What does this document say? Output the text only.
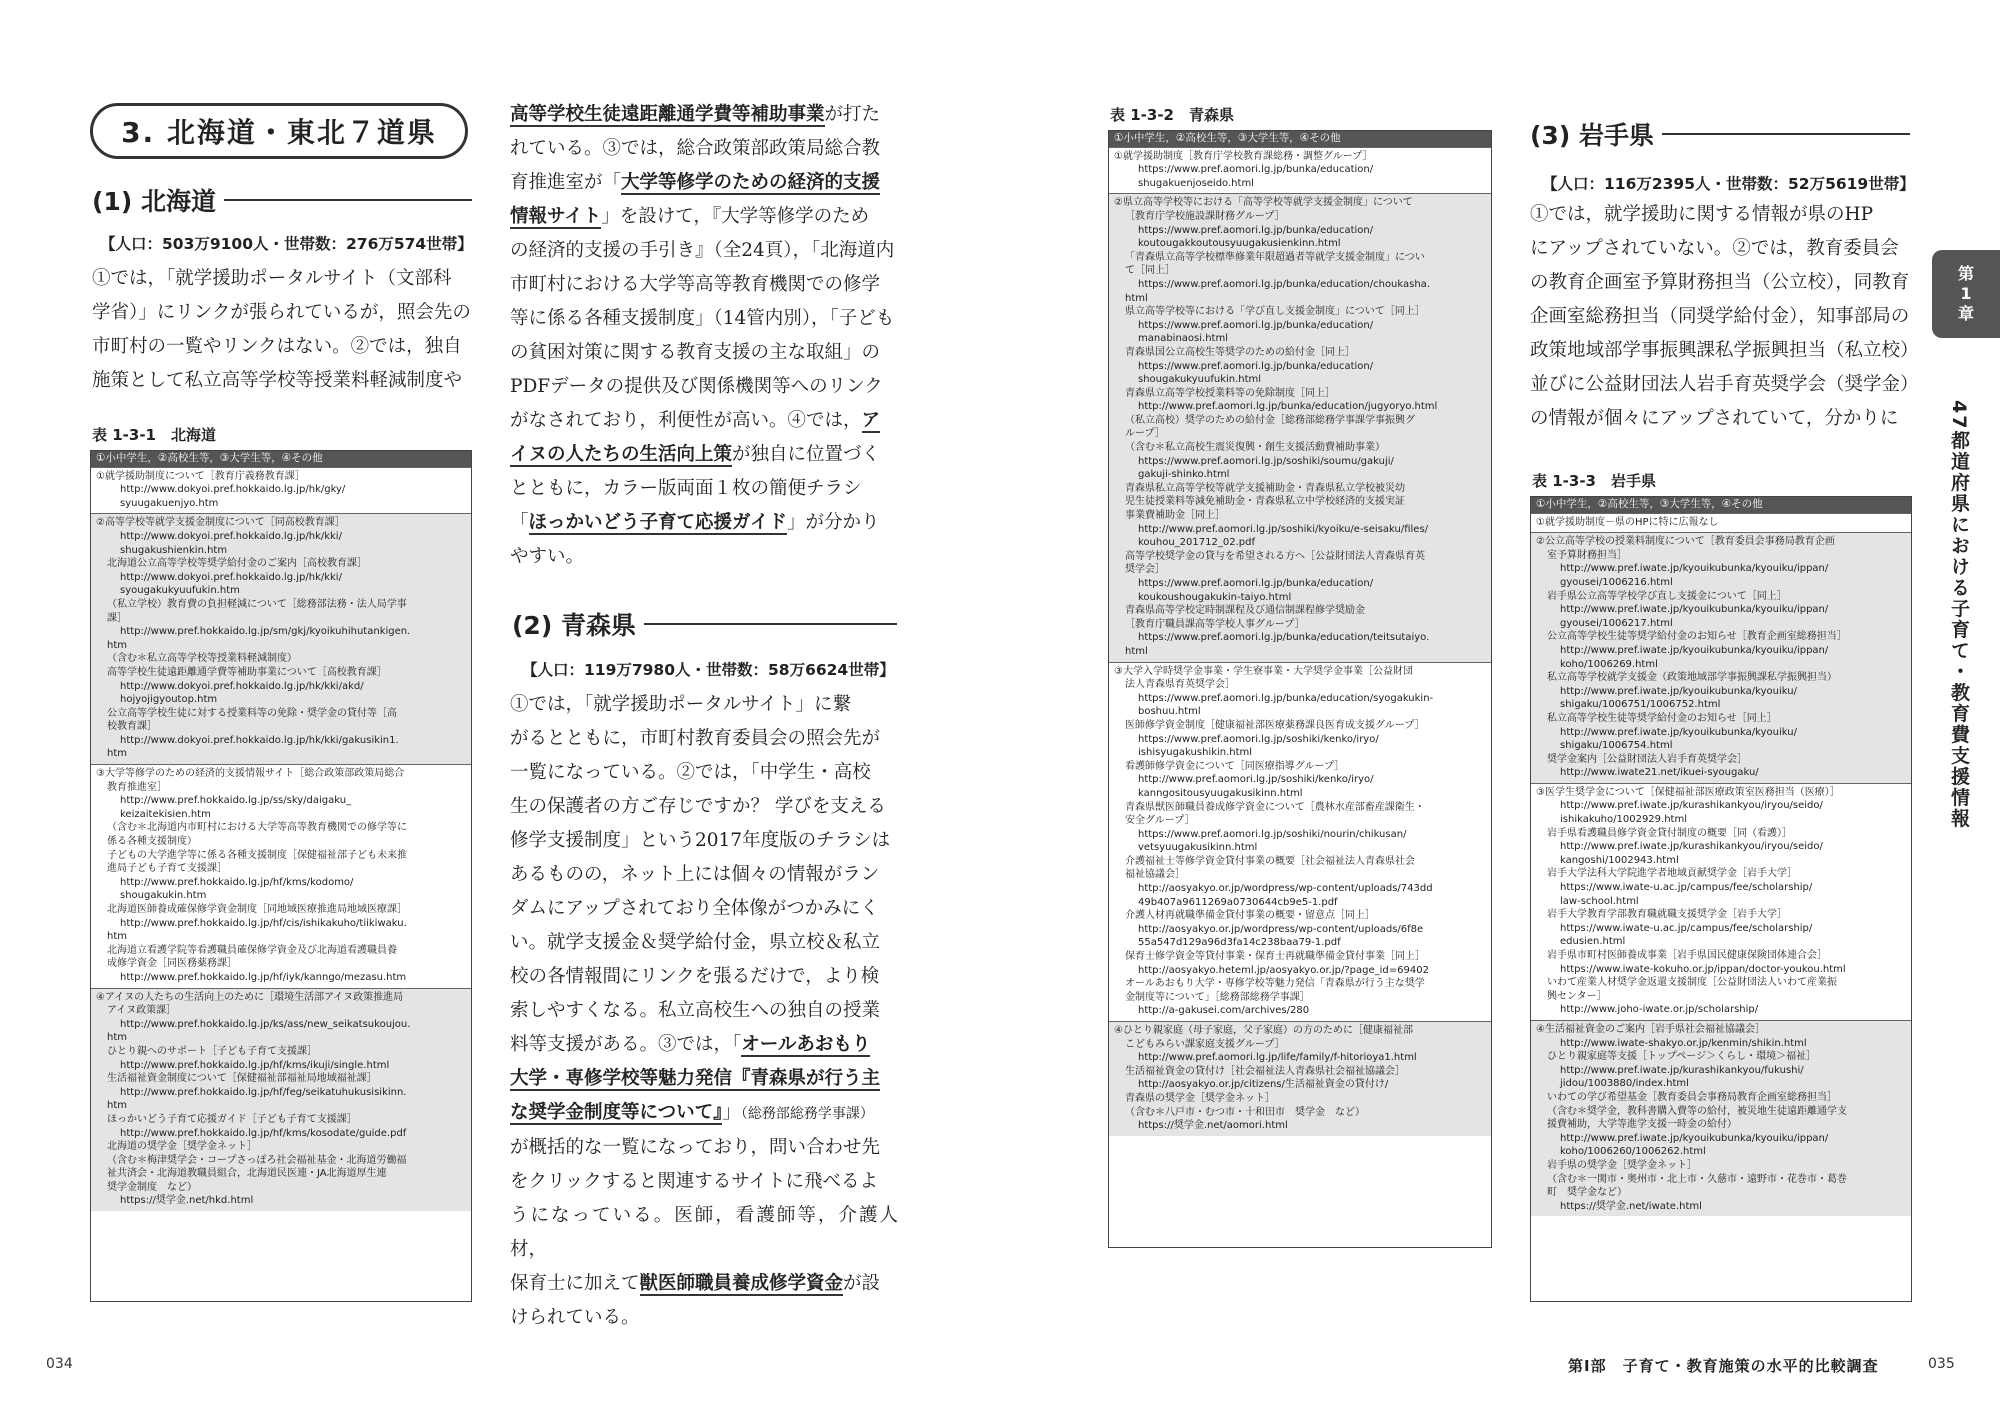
3. 北海道・東北７道県
(1) 北海道
【人口：503万9100人・世帯数：276万574世帯】

①では，「就学援助ポータルサイト（文部科

学省）」にリンクが張られているが，照会先の

市町村の一覧やリンクはない。②では，独自

施策として私立高等学校等授業料軽減制度や

表 1-3-1　北海道
①小中学生，②高校生等，③大学生等，④その他
①就学援助制度について［教育庁義務教育課］
http://www.dokyoi.pref.hokkaido.lg.jp/hk/gky/
syuugakuenjyo.htm
②高等学校等就学支援金制度について［同高校教育課］
http://www.dokyoi.pref.hokkaido.lg.jp/hk/kki/
shugakushienkin.htm
北海道公立高等学校等奨学給付金のご案内［高校教育課］
http://www.dokyoi.pref.hokkaido.lg.jp/hk/kki/
syougakukyuufukin.htm
（私立学校）教育費の負担軽減について［総務部法務・法人局学事
課］
http://www.pref.hokkaido.lg.jp/sm/gkj/kyoikuhihutankigen.
htm
（含む＊私立高等学校等授業料軽減制度）
高等学校生徒遠距離通学費等補助事業について［高校教育課］
http://www.dokyoi.pref.hokkaido.lg.jp/hk/kki/akd/
hojyojigyoutop.htm
公立高等学校生徒に対する授業料等の免除・奨学金の貸付等［高
校教育課］
http://www.dokyoi.pref.hokkaido.lg.jp/hk/kki/gakusikin1.
htm
③大学等修学のための経済的支援情報サイト［総合政策部政策局総合
教育推進室］
http://www.pref.hokkaido.lg.jp/ss/sky/daigaku_
keizaitekisien.htm
（含む＊北海道内市町村における大学等高等教育機関での修学等に
係る各種支援制度）
子どもの大学進学等に係る各種支援制度［保健福祉部子ども未来推
進局子ども子育て支援課］
http://www.pref.hokkaido.lg.jp/hf/kms/kodomo/
shougakukin.htm
北海道医師養成確保修学資金制度［同地域医療推進局地域医療課］
http://www.pref.hokkaido.lg.jp/hf/cis/ishikakuho/tiikiwaku.
htm
北海道立看護学院等看護職員確保修学資金及び北海道看護職員養
成修学資金［同医務薬務課］
http://www.pref.hokkaido.lg.jp/hf/iyk/kanngo/mezasu.htm
④アイヌの人たちの生活向上のために［環境生活部アイヌ政策推進局
アイヌ政策課］
http://www.pref.hokkaido.lg.jp/ks/ass/new_seikatsukoujou.
htm
ひとり親へのサポート［子ども子育て支援課］
http://www.pref.hokkaido.lg.jp/hf/kms/ikuji/single.html
生活福祉資金制度について［保健福祉部福祉局地域福祉課］
http://www.pref.hokkaido.lg.jp/hf/feg/seikatuhukusisikinn.
htm
ほっかいどう子育て応援ガイド［子ども子育て支援課］
http://www.pref.hokkaido.lg.jp/hf/kms/kosodate/guide.pdf
北海道の奨学金［奨学金ネット］
（含む＊梅津奨学会・コープさっぽろ社会福祉基金・北海道労働福
祉共済会・北海道教職員組合，北海道民医連・JA北海道厚生連
奨学金制度　など）
https://奨学金.net/hkd.html

高等学校生徒遠距離通学費等補助事業が打た

れている。③では，総合政策部政策局総合教

育推進室が「大学等修学のための経済的支援

情報サイト」を設けて，『大学等修学のため

の経済的支援の手引き』（全24頁），「北海道内

市町村における大学等高等教育機関での修学

等に係る各種支援制度」（14管内別），「子ども

の貧困対策に関する教育支援の主な取組」の

PDFデータの提供及び関係機関等へのリンク

がなされており，利便性が高い。④では，ア

イヌの人たちの生活向上策が独自に位置づく

とともに，カラー版両面１枚の簡便チラシ

「ほっかいどう子育て応援ガイド」が分かり

やすい。

(2) 青森県
【人口：119万7980人・世帯数：58万6624世帯】

①では，「就学援助ポータルサイト」に繋

がるとともに，市町村教育委員会の照会先が

一覧になっている。②では，「中学生・高校

生の保護者の方ご存じですか？ 学びを支える

修学支援制度」という2017年度版のチラシは

あるものの，ネット上には個々の情報がラン

ダムにアップされており全体像がつかみにく

い。就学支援金＆奨学給付金，県立校＆私立

校の各情報間にリンクを張るだけで，より検

索しやすくなる。私立高校生への独自の授業

料等支援がある。③では，「オールあおもり

大学・専修学校等魅力発信『青森県が行う主

な奨学金制度等について』」（総務部総務学事課）

が概括的な一覧になっており，問い合わせ先

をクリックすると関連するサイトに飛べるよ

うになっている。医師，看護師等，介護人材，

保育士に加えて獣医師職員養成修学資金が設

けられている。

表 1-3-2　青森県
①小中学生，②高校生等，③大学生等，④その他
①就学援助制度［教育庁学校教育課総務・調整グループ］
https://www.pref.aomori.lg.jp/bunka/education/
shugakuenjoseido.html
②県立高等学校等における「高等学校等就学支援金制度」について
［教育庁学校施設課財務グループ］
https://www.pref.aomori.lg.jp/bunka/education/
koutougakkoutousyuugakusienkinn.html
「青森県立高等学校標準修業年限超過者等就学支援金制度」につい
て［同上］
https://www.pref.aomori.lg.jp/bunka/education/choukasha.
html
県立高等学校等における「学び直し支援金制度」について［同上］
https://www.pref.aomori.lg.jp/bunka/education/
manabinaosi.html
青森県国公立高校生等奨学のための給付金［同上］
https://www.pref.aomori.lg.jp/bunka/education/
shougakukyuufukin.html
青森県立高等学校授業料等の免除制度［同上］
http://www.pref.aomori.lg.jp/bunka/education/jugyoryo.html
（私立高校）奨学のための給付金［総務部総務学事課学事振興グ
ループ］
（含む＊私立高校生震災復興・創生支援活動費補助事業）
https://www.pref.aomori.lg.jp/soshiki/soumu/gakuji/
gakuji-shinko.html
青森県私立高等学校等就学支援補助金・青森県私立学校被災幼
児生徒授業料等減免補助金・青森県私立中学校経済的支援実証
事業費補助金［同上］
http://www.pref.aomori.lg.jp/soshiki/kyoiku/e-seisaku/files/
kouhou_201712_02.pdf
高等学校奨学金の貸与を希望される方へ［公益財団法人青森県育英
奨学会］
https://www.pref.aomori.lg.jp/bunka/education/
koukoushougakukin-taiyo.html
青森県高等学校定時制課程及び通信制課程修学奨励金
［教育庁職員課高等学校人事グループ］
https://www.pref.aomori.lg.jp/bunka/education/teitsutaiyo.
html
③大学入学時奨学金事業・学生寮事業・大学奨学金事業［公益財団
法人青森県育英奨学会］
https://www.pref.aomori.lg.jp/bunka/education/syogakukin-
boshuu.html
医師修学資金制度［健康福祉部医療薬務課良医育成支援グループ］
https://www.pref.aomori.lg.jp/soshiki/kenko/iryo/
ishisyugakushikin.html
看護師修学資金について［同医療指導グループ］
http://www.pref.aomori.lg.jp/soshiki/kenko/iryo/
kanngositousyuugakusikinn.html
青森県獣医師職員養成修学資金について［農林水産部畜産課衛生・
安全グループ］
https://www.pref.aomori.lg.jp/soshiki/nourin/chikusan/
vetsyuugakusikinn.html
介護福祉士等修学資金貸付事業の概要［社会福祉法人青森県社会
福祉協議会］
http://aosyakyo.or.jp/wordpress/wp-content/uploads/743dd
49b407a9611269a0730644cb9e5-1.pdf
介護人材再就職準備金貸付事業の概要・留意点［同上］
http://aosyakyo.or.jp/wordpress/wp-content/uploads/6f8e
55a547d129a96d3fa14c238baa79-1.pdf
保育士修学資金等貸付事業・保育士再就職準備金貸付事業［同上］
http://aosyakyo.heteml.jp/aosyakyo.or.jp/?page_id=69402
オールあおもり大学・専修学校等魅力発信「青森県が行う主な奨学
金制度等について」［総務部総務学事課］
http://a-gakusei.com/archives/280
④ひとり親家庭（母子家庭，父子家庭）の方のために［健康福祉部
こどもみらい課家庭支援グループ］
http://www.pref.aomori.lg.jp/life/family/f-hitorioya1.html
生活福祉資金の貸付け［社会福祉法人青森県社会福祉協議会］
http://aosyakyo.or.jp/citizens/生活福祉資金の貸付け/
青森県の奨学金［奨学金ネット］
（含む＊八戸市・むつ市・十和田市　奨学金　など）
https://奨学金.net/aomori.html
(3) 岩手県
【人口：116万2395人・世帯数：52万5619世帯】

①では，就学援助に関する情報が県のHP

にアップされていない。②では，教育委員会

の教育企画室予算財務担当（公立校），同教育

企画室総務担当（同奨学給付金），知事部局の

政策地域部学事振興課私学振興担当（私立校）

並びに公益財団法人岩手育英奨学会（奨学金）

の情報が個々にアップされていて，分かりに

表 1-3-3　岩手県
①小中学生，②高校生等，③大学生等，④その他
①就学援助制度－県のHPに特に広報なし
②公立高等学校の授業料制度について［教育委員会事務局教育企画
室予算財務担当］
http://www.pref.iwate.jp/kyouikubunka/kyouiku/ippan/
gyousei/1006216.html
岩手県公立高等学校学び直し支援金について［同上］
http://www.pref.iwate.jp/kyouikubunka/kyouiku/ippan/
gyousei/1006217.html
公立高等学校生徒等奨学給付金のお知らせ［教育企画室総務担当］
http://www.pref.iwate.jp/kyouikubunka/kyouiku/ippan/
koho/1006269.html
私立高等学校就学支援金（政策地域部学事振興課私学振興担当）
http://www.pref.iwate.jp/kyouikubunka/kyouiku/
shigaku/1006751/1006752.html
私立高等学校生徒等奨学給付金のお知らせ［同上］
http://www.pref.iwate.jp/kyouikubunka/kyouiku/
shigaku/1006754.html
奨学金案内［公益財団法人岩手育英奨学会］
http://www.iwate21.net/ikuei-syougaku/
③医学生奨学金について［保健福祉部医療政策室医務担当（医療）］
http://www.pref.iwate.jp/kurashikankyou/iryou/seido/
ishikakuho/1002929.html
岩手県看護職員修学資金貸付制度の概要［同（看護）］
http://www.pref.iwate.jp/kurashikankyou/iryou/seido/
kangoshi/1002943.html
岩手大学法科大学院進学者地域貢献奨学金［岩手大学］
https://www.iwate-u.ac.jp/campus/fee/scholarship/
law-school.html
岩手大学教育学部教育職就職支援奨学金［岩手大学］
https://www.iwate-u.ac.jp/campus/fee/scholarship/
edusien.html
岩手県市町村医師養成事業［岩手県国民健康保険団体連合会］
https://www.iwate-kokuho.or.jp/ippan/doctor-youkou.html
いわて産業人材奨学金返還支援制度［公益財団法人いわて産業振
興センター］
http://www.joho-iwate.or.jp/scholarship/
④生活福祉資金のご案内［岩手県社会福祉協議会］
http://www.iwate-shakyo.or.jp/kenmin/shikin.html
ひとり親家庭等支援［トップページ＞くらし・環境＞福祉］
http://www.pref.iwate.jp/kurashikankyou/fukushi/
jidou/1003880/index.html
いわての学び希望基金［教育委員会事務局教育企画室総務担当］
（含む＊奨学金，教科書購入費等の給付，被災地生徒遠距離通学支
援費補助，大学等進学支援一時金の給付）
http://www.pref.iwate.jp/kyouikubunka/kyouiku/ippan/
koho/1006260/1006262.html
岩手県の奨学金［奨学金ネット］
（含む＊一関市・奥州市・北上市・久慈市・遠野市・花巻市・葛巻
町　奨学金など）
https://奨学金.net/iwate.html
第
1
章
47都道府県における子育て・教育費支援情報
034	第Ⅰ部　子育て・教育施策の水平的比較調査	035
